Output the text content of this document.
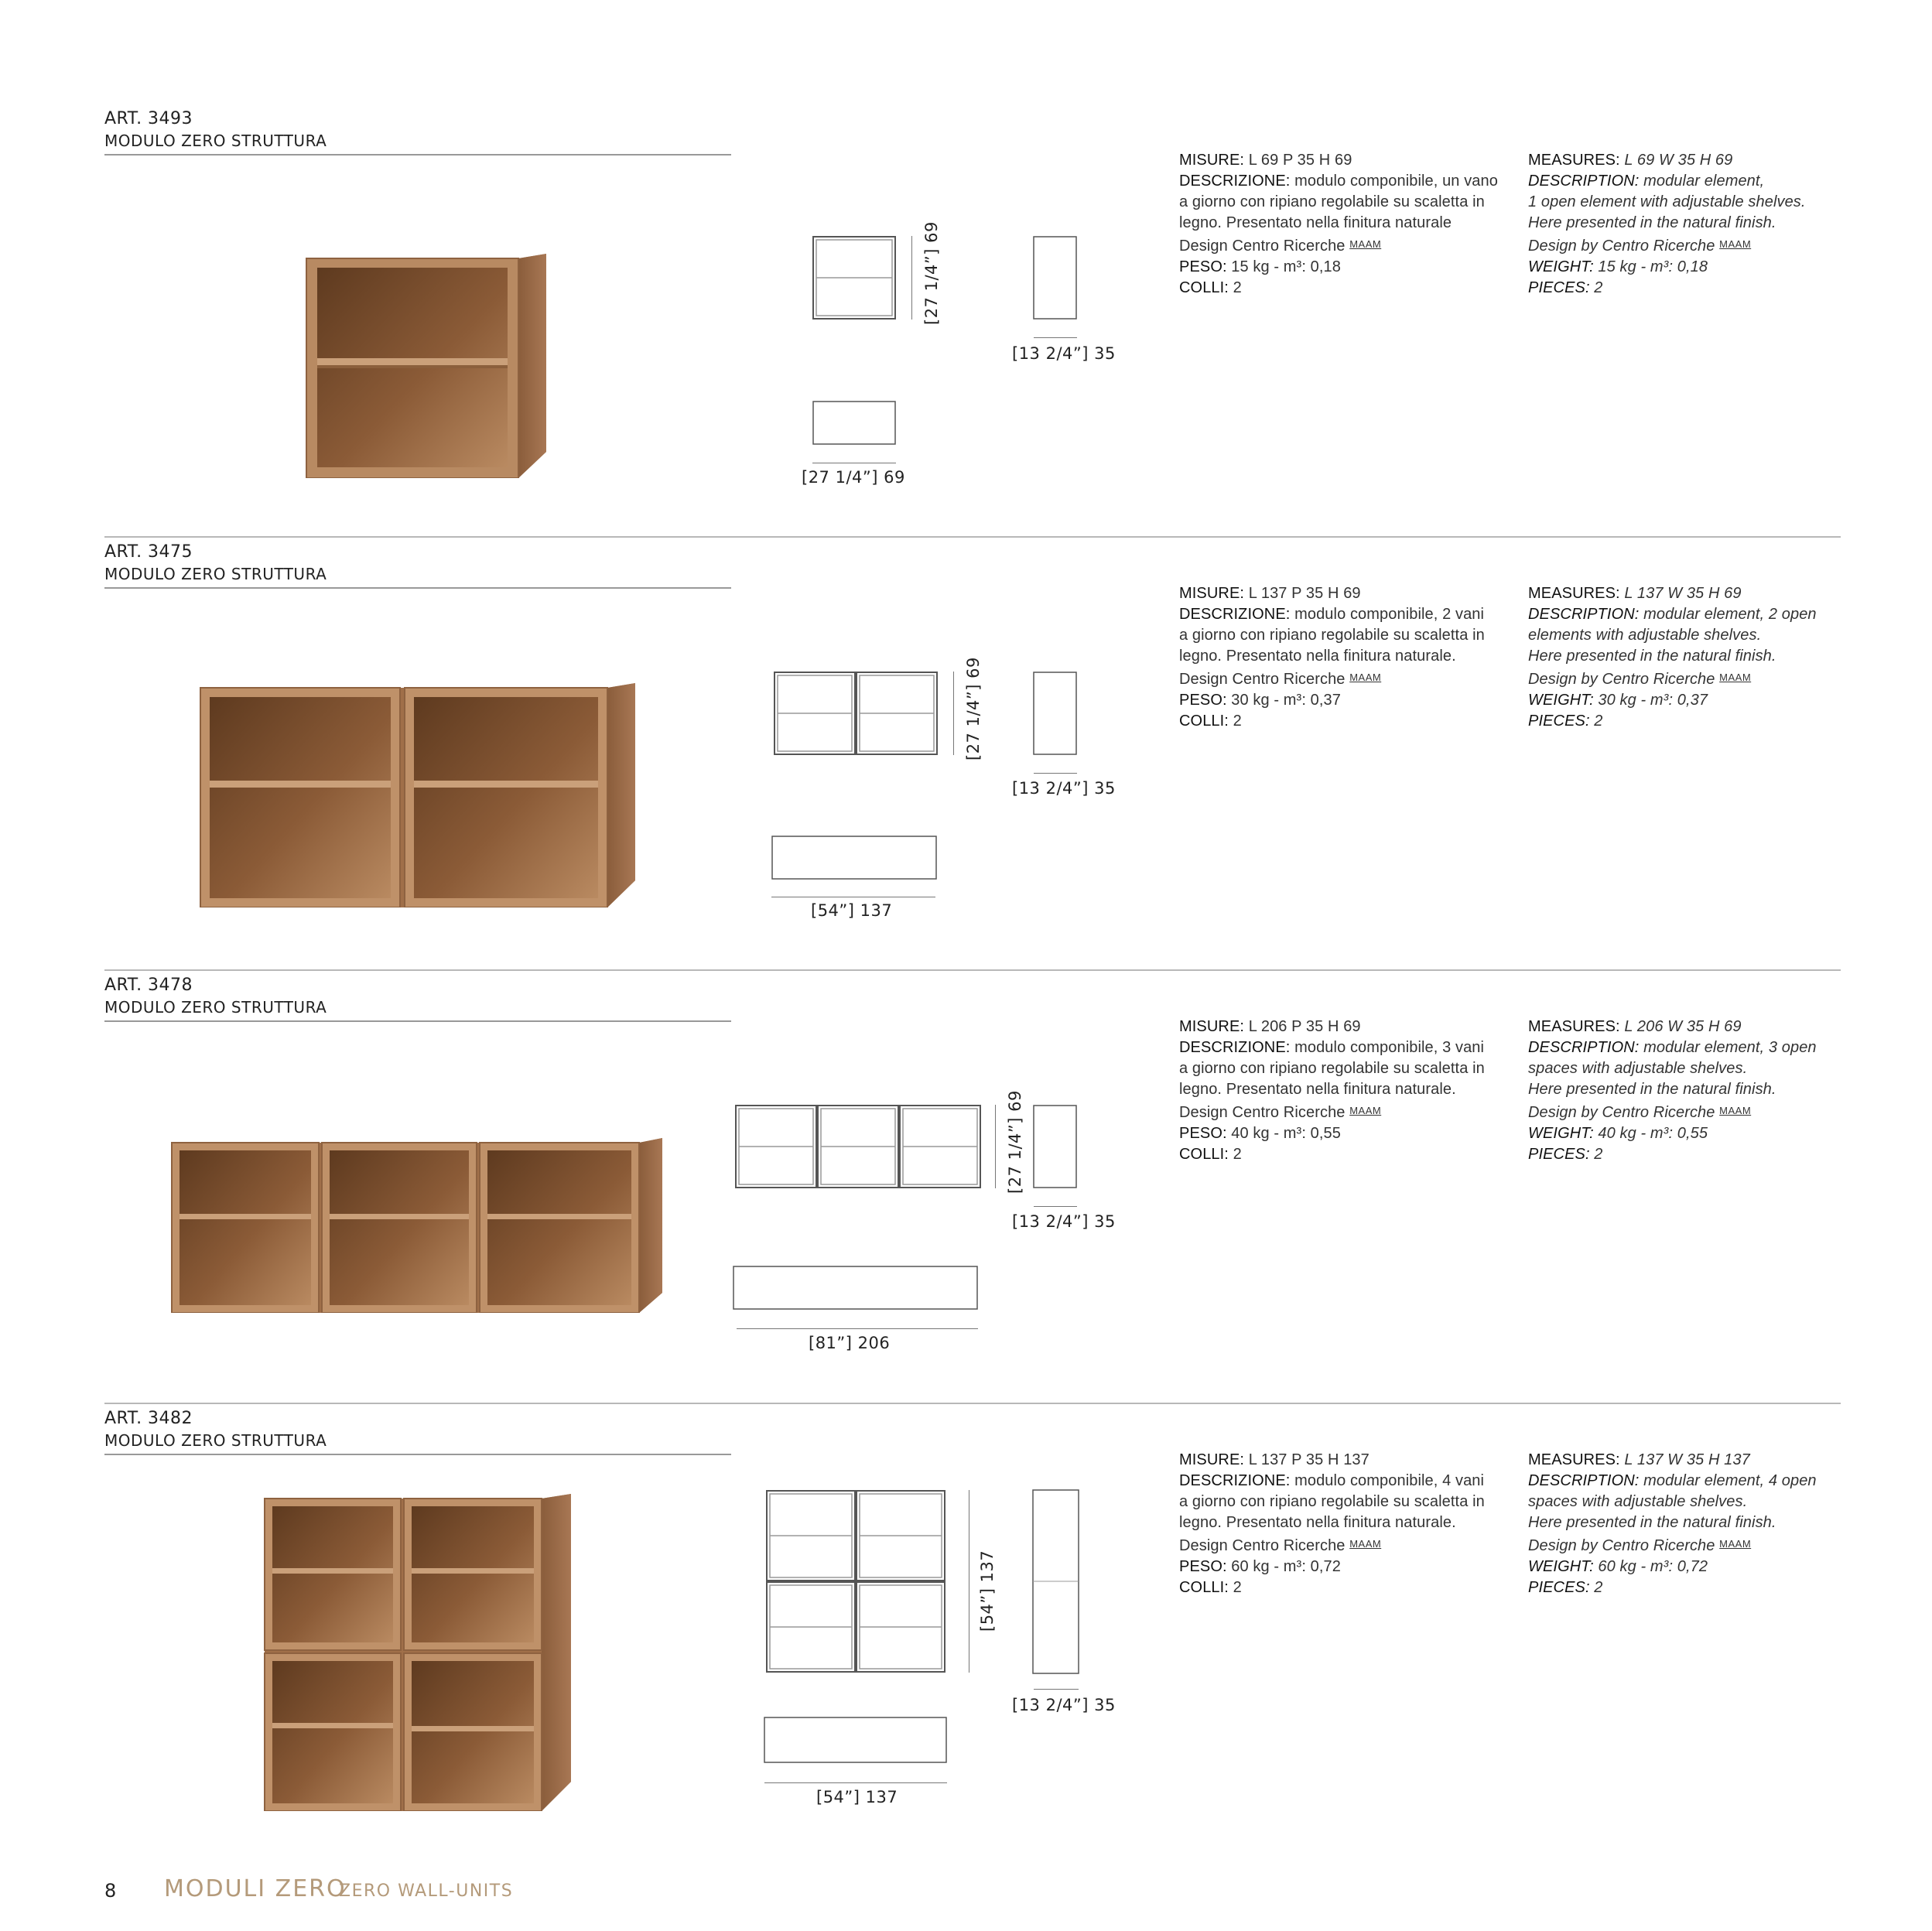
ART. 3493
MODULO ZERO STRUTTURA
[27 1/4”] 69
[13 2/4”] 35
[27 1/4”] 69
MISURE: L 69 P 35 H 69
DESCRIZIONE: modulo componibile, un vano
a giorno con ripiano regolabile su scaletta in
legno. Presentato nella finitura naturale
Design Centro Ricerche MAAM
PESO: 15 kg - m³: 0,18
COLLI: 2
MEASURES: L 69 W 35 H 69
DESCRIPTION: modular element,
1 open element with adjustable shelves.
Here presented in the natural finish.
Design by Centro Ricerche MAAM
WEIGHT: 15 kg - m³: 0,18
PIECES: 2
ART. 3475
MODULO ZERO STRUTTURA
[27 1/4”] 69
[13 2/4”] 35
[54”] 137
MISURE: L 137 P 35 H 69
DESCRIZIONE: modulo componibile, 2 vani
a giorno con ripiano regolabile su scaletta in
legno. Presentato nella finitura naturale.
Design Centro Ricerche MAAM
PESO: 30 kg - m³: 0,37
COLLI: 2
MEASURES: L 137 W 35 H 69
DESCRIPTION: modular element, 2 open
elements with adjustable shelves.
Here presented in the natural finish.
Design by Centro Ricerche MAAM
WEIGHT: 30 kg - m³: 0,37
PIECES: 2
ART. 3478
MODULO ZERO STRUTTURA
[27 1/4”] 69
[13 2/4”] 35
[81”] 206
MISURE: L 206 P 35 H 69
DESCRIZIONE: modulo componibile, 3 vani
a giorno con ripiano regolabile su scaletta in
legno. Presentato nella finitura naturale.
Design Centro Ricerche MAAM
PESO: 40 kg - m³: 0,55
COLLI: 2
MEASURES: L 206 W 35 H 69
DESCRIPTION: modular element, 3 open
spaces with adjustable shelves.
Here presented in the natural finish.
Design by Centro Ricerche MAAM
WEIGHT: 40 kg - m³: 0,55
PIECES: 2
ART. 3482
MODULO ZERO STRUTTURA
[54”] 137
[13 2/4”] 35
[54”] 137
MISURE: L 137 P 35 H 137
DESCRIZIONE: modulo componibile, 4 vani
a giorno con ripiano regolabile su scaletta in
legno. Presentato nella finitura naturale.
Design Centro Ricerche MAAM
PESO: 60 kg - m³: 0,72
COLLI: 2
MEASURES: L 137 W 35 H 137
DESCRIPTION: modular element, 4 open
spaces with adjustable shelves.
Here presented in the natural finish.
Design by Centro Ricerche MAAM
WEIGHT: 60 kg - m³: 0,72
PIECES: 2
8 MODULI ZERO
ZERO WALL-UNITS
